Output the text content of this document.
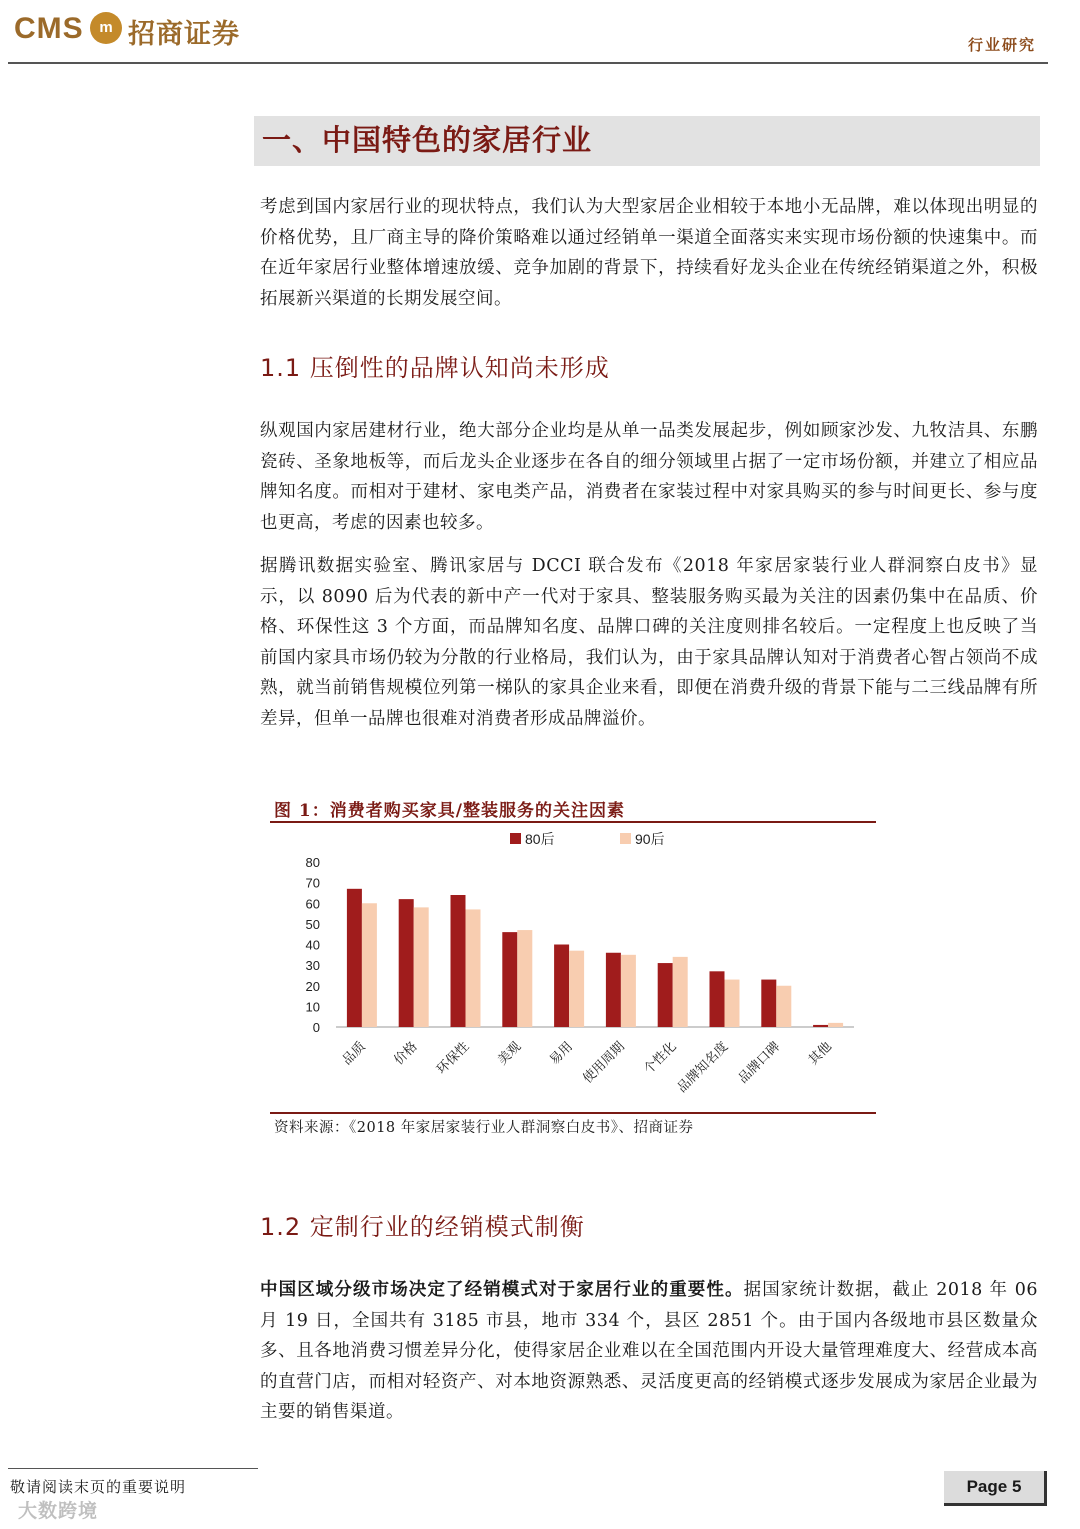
CMS	m 招商证券	行业研究
一、中国特色的家居行业
考虑到国内家居行业的现状特点，我们认为大型家居企业相较于本地小无品牌，难以体现出明显的价格优势，且厂商主导的降价策略难以通过经销单一渠道全面落实来实现市场份额的快速集中。而在近年家居行业整体增速放缓、竞争加剧的背景下，持续看好龙头企业在传统经销渠道之外，积极拓展新兴渠道的长期发展空间。
1.1 压倒性的品牌认知尚未形成
纵观国内家居建材行业，绝大部分企业均是从单一品类发展起步，例如顾家沙发、九牧洁具、东鹏瓷砖、圣象地板等，而后龙头企业逐步在各自的细分领域里占据了一定市场份额，并建立了相应品牌知名度。而相对于建材、家电类产品，消费者在家装过程中对家具购买的参与时间更长、参与度也更高，考虑的因素也较多。
据腾讯数据实验室、腾讯家居与 DCCI 联合发布《2018 年家居家装行业人群洞察白皮书》显示，以 8090 后为代表的新中产一代对于家具、整装服务购买最为关注的因素仍集中在品质、价格、环保性这 3 个方面，而品牌知名度、品牌口碑的关注度则排名较后。一定程度上也反映了当前国内家具市场仍较为分散的行业格局，我们认为，由于家具品牌认知对于消费者心智占领尚不成熟，就当前销售规模位列第一梯队的家具企业来看，即便在消费升级的背景下能与二三线品牌有所差异，但单一品牌也很难对消费者形成品牌溢价。
图 1：消费者购买家具/整装服务的关注因素
0
10
20
30
40
50
60
70
80
品质 价格 环保性 美观 易用 使用周期 个性化
品牌知名度 品牌口碑 其他
80后	90后
资料来源：《2018 年家居家装行业人群洞察白皮书》、招商证券
1.2 定制行业的经销模式制衡
中国区域分级市场决定了经销模式对于家居行业的重要性。据国家统计数据，截止 2018 年 06 月 19 日，全国共有 3185 市县，地市 334 个，县区 2851 个。由于国内各级地市县区数量众多、且各地消费习惯差异分化，使得家居企业难以在全国范围内开设大量管理难度大、经营成本高的直营门店，而相对轻资产、对本地资源熟悉、灵活度更高的经销模式逐步发展成为家居企业最为主要的销售渠道。
敬请阅读末页的重要说明
大数跨境
Page 5
